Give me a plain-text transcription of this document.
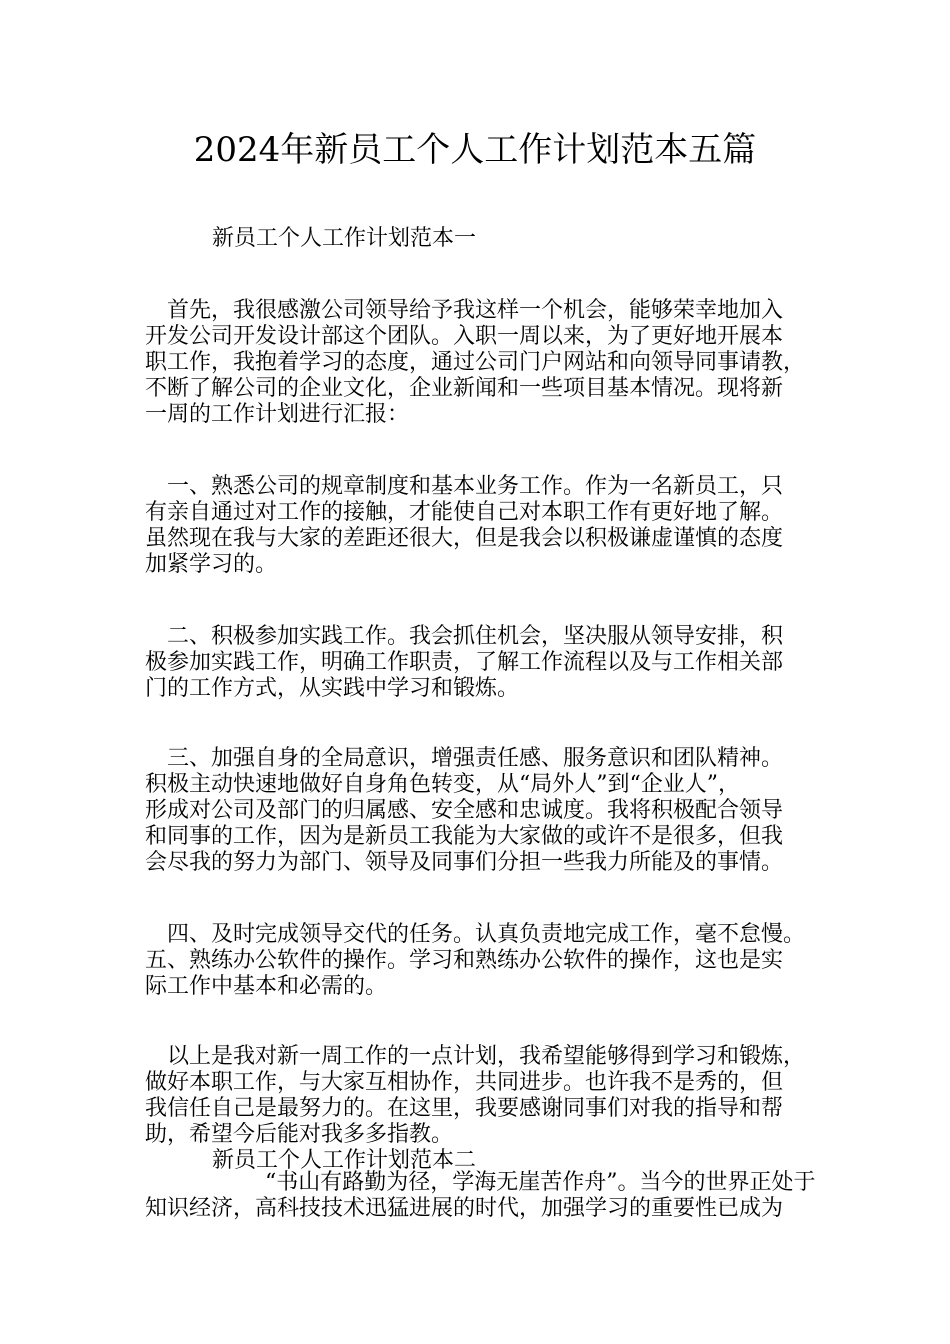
2024年新员工个人工作计划范本五篇
新员工个人工作计划范本一
　首先，我很感激公司领导给予我这样一个机会，能够荣幸地加入
开发公司开发设计部这个团队。入职一周以来，为了更好地开展本
职工作，我抱着学习的态度，通过公司门户网站和向领导同事请教，
不断了解公司的企业文化，企业新闻和一些项目基本情况。现将新
一周的工作计划进行汇报：
　一、熟悉公司的规章制度和基本业务工作。作为一名新员工，只
有亲自通过对工作的接触，才能使自己对本职工作有更好地了解。
虽然现在我与大家的差距还很大，但是我会以积极谦虚谨慎的态度
加紧学习的。
　二、积极参加实践工作。我会抓住机会，坚决服从领导安排，积
极参加实践工作，明确工作职责，了解工作流程以及与工作相关部
门的工作方式，从实践中学习和锻炼。
　三、加强自身的全局意识，增强责任感、服务意识和团队精神。
积极主动快速地做好自身角色转变，从“局外人”到“企业人”，
形成对公司及部门的归属感、安全感和忠诚度。我将积极配合领导
和同事的工作，因为是新员工我能为大家做的或许不是很多，但我
会尽我的努力为部门、领导及同事们分担一些我力所能及的事情。
　四、及时完成领导交代的任务。认真负责地完成工作，毫不怠慢。
五、熟练办公软件的操作。学习和熟练办公软件的操作，这也是实
际工作中基本和必需的。
　以上是我对新一周工作的一点计划，我希望能够得到学习和锻炼，
做好本职工作，与大家互相协作，共同进步。也许我不是秀的，但
我信任自己是最努力的。在这里，我要感谢同事们对我的指导和帮
助，希望今后能对我多多指教。
新员工个人工作计划范本二
“书山有路勤为径，学海无崖苦作舟”。当今的世界正处于
知识经济，高科技技术迅猛进展的时代，加强学习的重要性已成为
